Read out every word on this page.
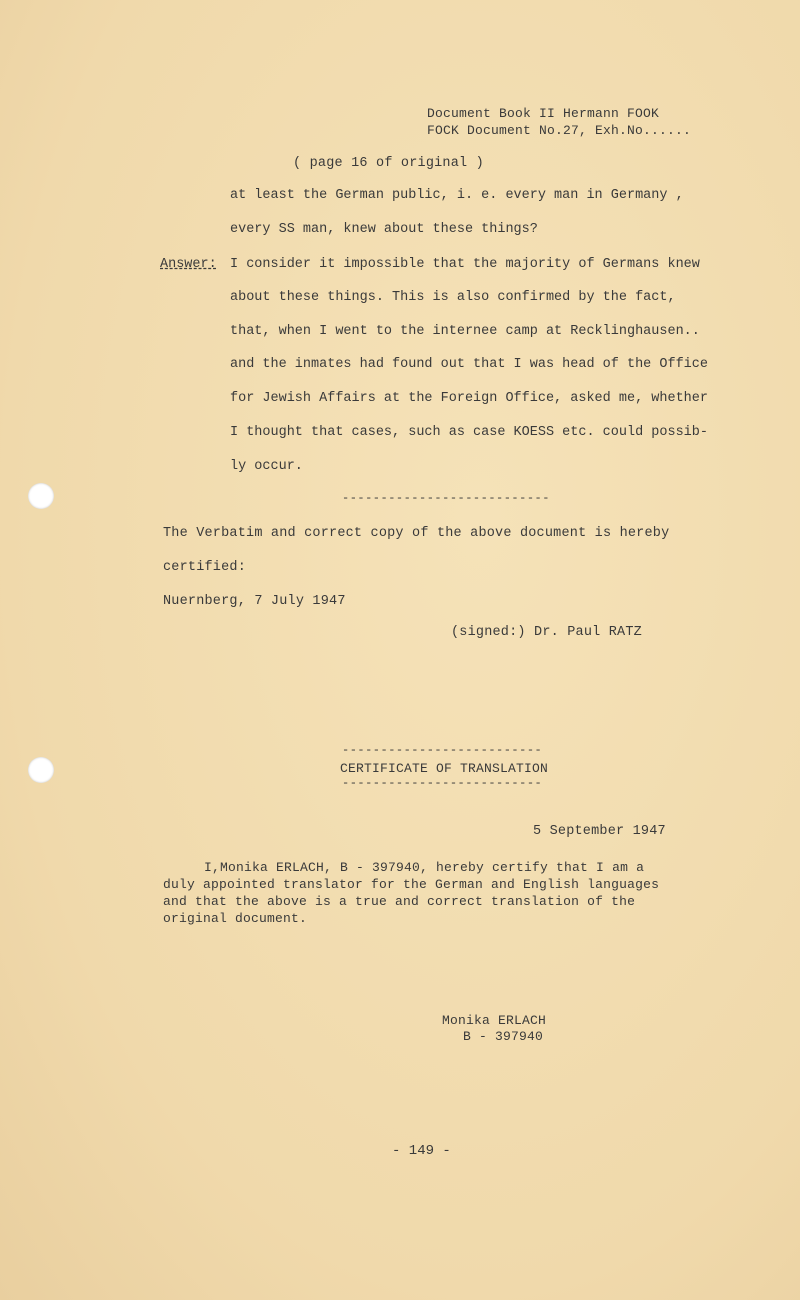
Document Book II Hermann FOOK
FOCK Document No.27, Exh.No......
( page 16 of original )
at least the German public, i. e. every man in Germany ,
every SS man, knew about these things?
Answer: I consider it impossible that the majority of Germans knew
about these things. This is also confirmed by the fact,
that, when I went to the internee camp at Recklinghausen..
and the inmates had found out that I was head of the Office
for Jewish Affairs at the Foreign Office, asked me, whether
I thought that cases, such as case KOESS etc. could possib-
ly occur.
---------------------------
The Verbatim and correct copy of the above document is hereby
certified:
Nuernberg, 7 July 1947
(signed:) Dr. Paul RATZ
--------------------------
CERTIFICATE OF TRANSLATION
--------------------------
5 September 1947
I,Monika ERLACH, B - 397940, hereby certify that I am a
duly appointed translator for the German and English languages
and that the above is a true and correct translation of the
original document.
Monika ERLACH
B - 397940
- 149 -
